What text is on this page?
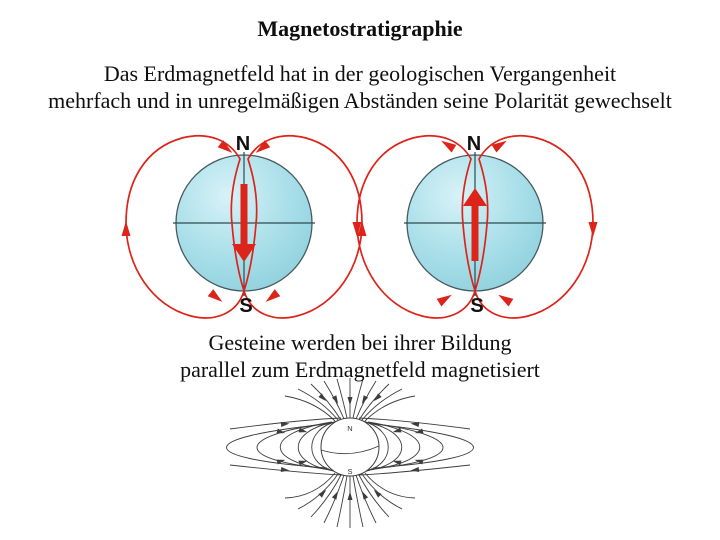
N
S
N
S
N
S
Magnetostratigraphie
Das Erdmagnetfeld hat in der geologischen Vergangenheit
mehrfach und in unregelmäßigen Abständen seine Polarität gewechselt
Gesteine werden bei ihrer Bildung
parallel zum Erdmagnetfeld magnetisiert
